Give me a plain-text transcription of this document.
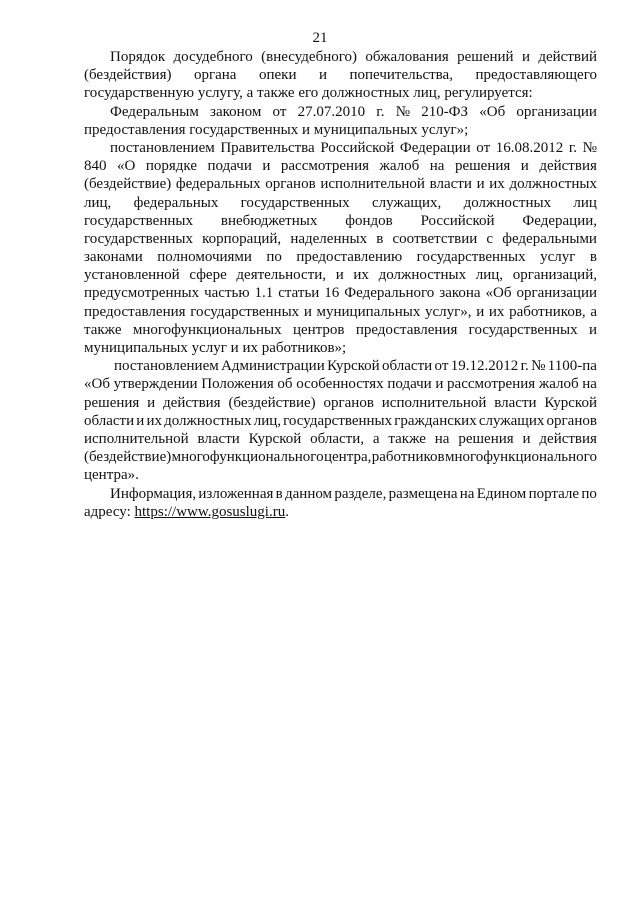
21
Порядок досудебного (внесудебного) обжалования решений и действий
(бездействия) органа опеки и попечительства, предоставляющего
государственную
услугу,
а
также
его
должностных
лиц,
регулируется:
Федеральным законом от 27.07.2010 г. № 210-ФЗ «Об организации
предоставления
государственных
и
муниципальных
услуг»;
постановлением Правительства Российской Федерации от 16.08.2012 г. №
840 «О порядке подачи и рассмотрения жалоб на решения и действия
(бездействие) федеральных органов исполнительной власти и их должностных
лиц, федеральных государственных служащих, должностных лиц
государственных внебюджетных фондов Российской Федерации,
государственных корпораций, наделенных в соответствии с федеральными
законами полномочиями по предоставлению государственных услуг в
установленной сфере деятельности, и их должностных лиц, организаций,
предусмотренных частью 1.1 статьи 16 Федерального закона «Об организации
предоставления государственных и муниципальных услуг», и их работников, а
также многофункциональных центров предоставления государственных и
муниципальных
услуг
и
их
работников»;
постановлением Администрации Курской области от 19.12.2012 г. № 1100-па
«Об утверждении Положения об особенностях подачи и рассмотрения жалоб на
решения и действия (бездействие) органов исполнительной власти Курской
области и их должностных лиц, государственных гражданских служащих органов
исполнительной власти Курской области, а также на решения и действия
(бездействие) многофункционального центра, работников многофункционального
центра».
Информация, изложенная в данном разделе, размещена на Едином портале по
адресу:
https://www.gosuslugi.ru .
